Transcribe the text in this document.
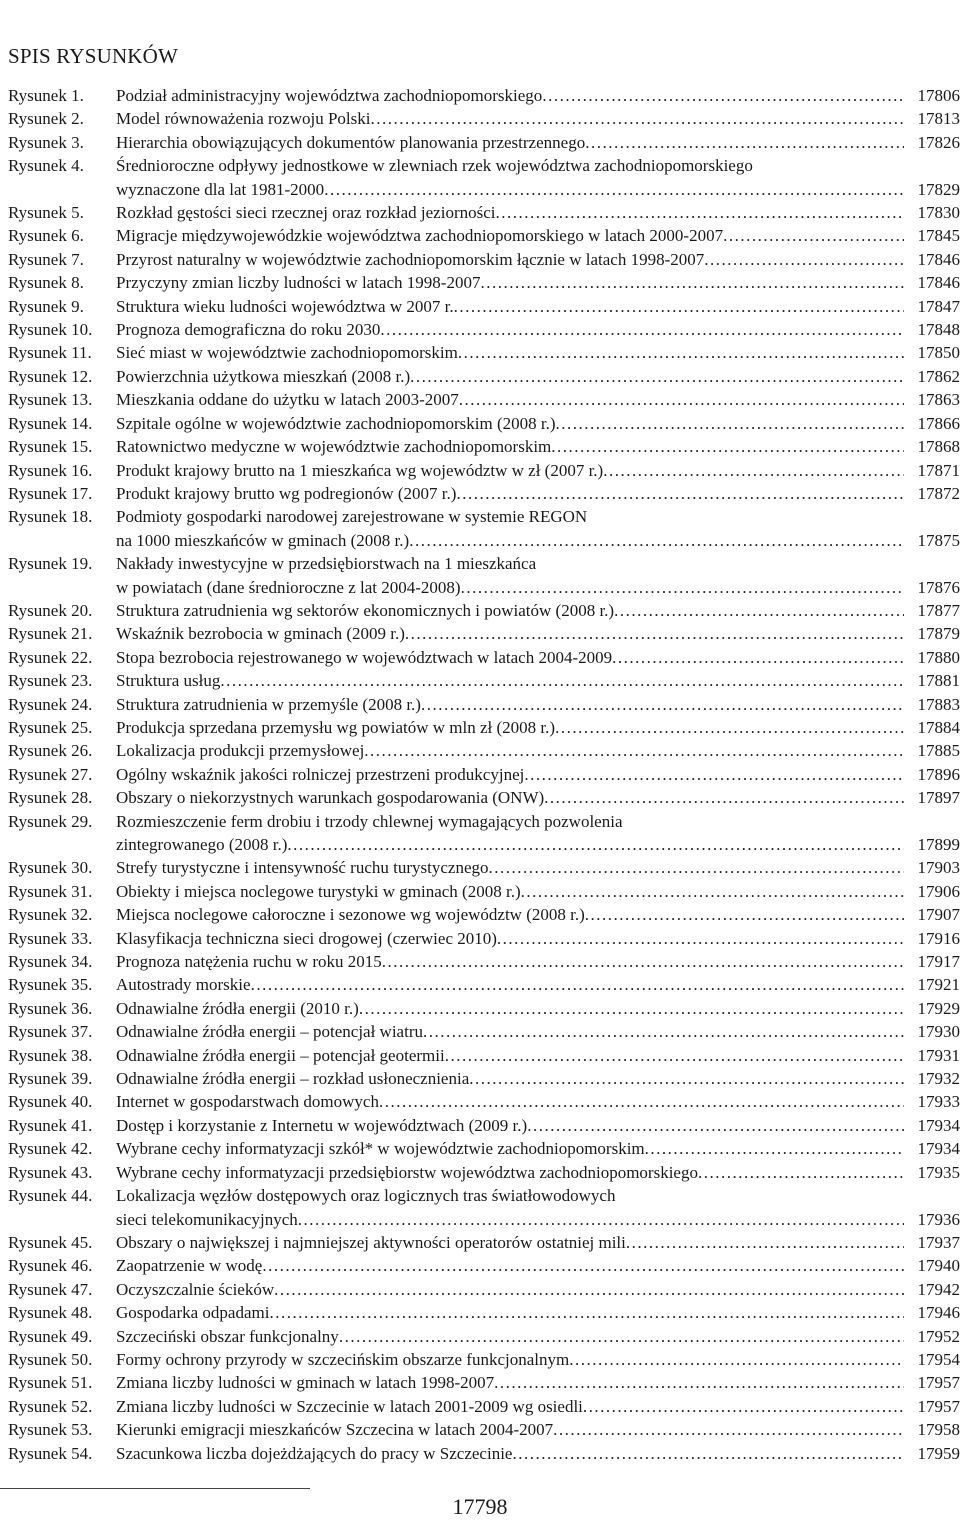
SPIS RYSUNKÓW
Rysunek 1.	Podział administracyjny województwa zachodniopomorskiego .....	17806
Rysunek 2.	Model równoważenia rozwoju Polski .....	17813
Rysunek 3.	Hierarchia obowiązujących dokumentów planowania przestrzennego .....	17826
Rysunek 4.	Średnioroczne odpływy jednostkowe w zlewniach rzek województwa zachodniopomorskiego
wyznaczone dla lat 1981-2000 .....	17829
Rysunek 5.	Rozkład gęstości sieci rzecznej oraz rozkład jeziorności .....	17830
Rysunek 6.	Migracje międzywojewódzkie województwa zachodniopomorskiego w latach 2000-2007 .....	17845
Rysunek 7.	Przyrost naturalny w województwie zachodniopomorskim łącznie w latach 1998-2007 .....	17846
Rysunek 8.	Przyczyny zmian liczby ludności w latach 1998-2007 .....	17846
Rysunek 9.	Struktura wieku ludności województwa w 2007 r. .....	17847
Rysunek 10.	Prognoza demograficzna do roku 2030 .....	17848
Rysunek 11.	Sieć miast w województwie zachodniopomorskim .....	17850
Rysunek 12.	Powierzchnia użytkowa mieszkań (2008 r.) .....	17862
Rysunek 13.	Mieszkania oddane do użytku w latach 2003-2007 .....	17863
Rysunek 14.	Szpitale ogólne w województwie zachodniopomorskim (2008 r.) .....	17866
Rysunek 15.	Ratownictwo medyczne w województwie zachodniopomorskim .....	17868
Rysunek 16.	Produkt krajowy brutto na 1 mieszkańca wg województw w zł (2007 r.) .....	17871
Rysunek 17.	Produkt krajowy brutto wg podregionów (2007 r.) .....	17872
Rysunek 18.	Podmioty gospodarki narodowej zarejestrowane w systemie REGON
na 1000 mieszkańców w gminach (2008 r.) .....	17875
Rysunek 19.	Nakłady inwestycyjne w przedsiębiorstwach na 1 mieszkańca
w powiatach (dane średnioroczne z lat 2004-2008) .....	17876
Rysunek 20.	Struktura zatrudnienia wg sektorów ekonomicznych i powiatów (2008 r.) .....	17877
Rysunek 21.	Wskaźnik bezrobocia w gminach (2009 r.) .....	17879
Rysunek 22.	Stopa bezrobocia rejestrowanego w województwach w latach 2004-2009 .....	17880
Rysunek 23.	Struktura usług .....	17881
Rysunek 24.	Struktura zatrudnienia w przemyśle (2008 r.) .....	17883
Rysunek 25.	Produkcja sprzedana przemysłu wg powiatów w mln zł (2008 r.) .....	17884
Rysunek 26.	Lokalizacja produkcji przemysłowej .....	17885
Rysunek 27.	Ogólny wskaźnik jakości rolniczej przestrzeni produkcyjnej .....	17896
Rysunek 28.	Obszary o niekorzystnych warunkach gospodarowania (ONW) .....	17897
Rysunek 29.	Rozmieszczenie ferm drobiu i trzody chlewnej wymagających pozwolenia
zintegrowanego (2008 r.) .....	17899
Rysunek 30.	Strefy turystyczne i intensywność ruchu turystycznego .....	17903
Rysunek 31.	Obiekty i miejsca noclegowe turystyki w gminach (2008 r.) .....	17906
Rysunek 32.	Miejsca noclegowe całoroczne i sezonowe wg województw (2008 r.) .....	17907
Rysunek 33.	Klasyfikacja techniczna sieci drogowej (czerwiec 2010) .....	17916
Rysunek 34.	Prognoza natężenia ruchu w roku 2015 .....	17917
Rysunek 35.	Autostrady morskie .....	17921
Rysunek 36.	Odnawialne źródła energii (2010 r.) .....	17929
Rysunek 37.	Odnawialne źródła energii – potencjał wiatru .....	17930
Rysunek 38.	Odnawialne źródła energii – potencjał geotermii .....	17931
Rysunek 39.	Odnawialne źródła energii – rozkład usłonecznienia .....	17932
Rysunek 40.	Internet w gospodarstwach domowych .....	17933
Rysunek 41.	Dostęp i korzystanie z Internetu w województwach (2009 r.) .....	17934
Rysunek 42.	Wybrane cechy informatyzacji szkół* w województwie zachodniopomorskim .....	17934
Rysunek 43.	Wybrane cechy informatyzacji przedsiębiorstw województwa zachodniopomorskiego .....	17935
Rysunek 44.	Lokalizacja węzłów dostępowych oraz logicznych tras światłowodowych
sieci telekomunikacyjnych .....	17936
Rysunek 45.	Obszary o największej i najmniejszej aktywności operatorów ostatniej mili .....	17937
Rysunek 46.	Zaopatrzenie w wodę .....	17940
Rysunek 47.	Oczyszczalnie ścieków .....	17942
Rysunek 48.	Gospodarka odpadami .....	17946
Rysunek 49.	Szczeciński obszar funkcjonalny .....	17952
Rysunek 50.	Formy ochrony przyrody w szczecińskim obszarze funkcjonalnym .....	17954
Rysunek 51.	Zmiana liczby ludności w gminach w latach 1998-2007 .....	17957
Rysunek 52.	Zmiana liczby ludności w Szczecinie w latach 2001-2009 wg osiedli .....	17957
Rysunek 53.	Kierunki emigracji mieszkańców Szczecina w latach 2004-2007 .....	17958
Rysunek 54.	Szacunkowa liczba dojeżdżających do pracy w Szczecinie .....	17959
17798
